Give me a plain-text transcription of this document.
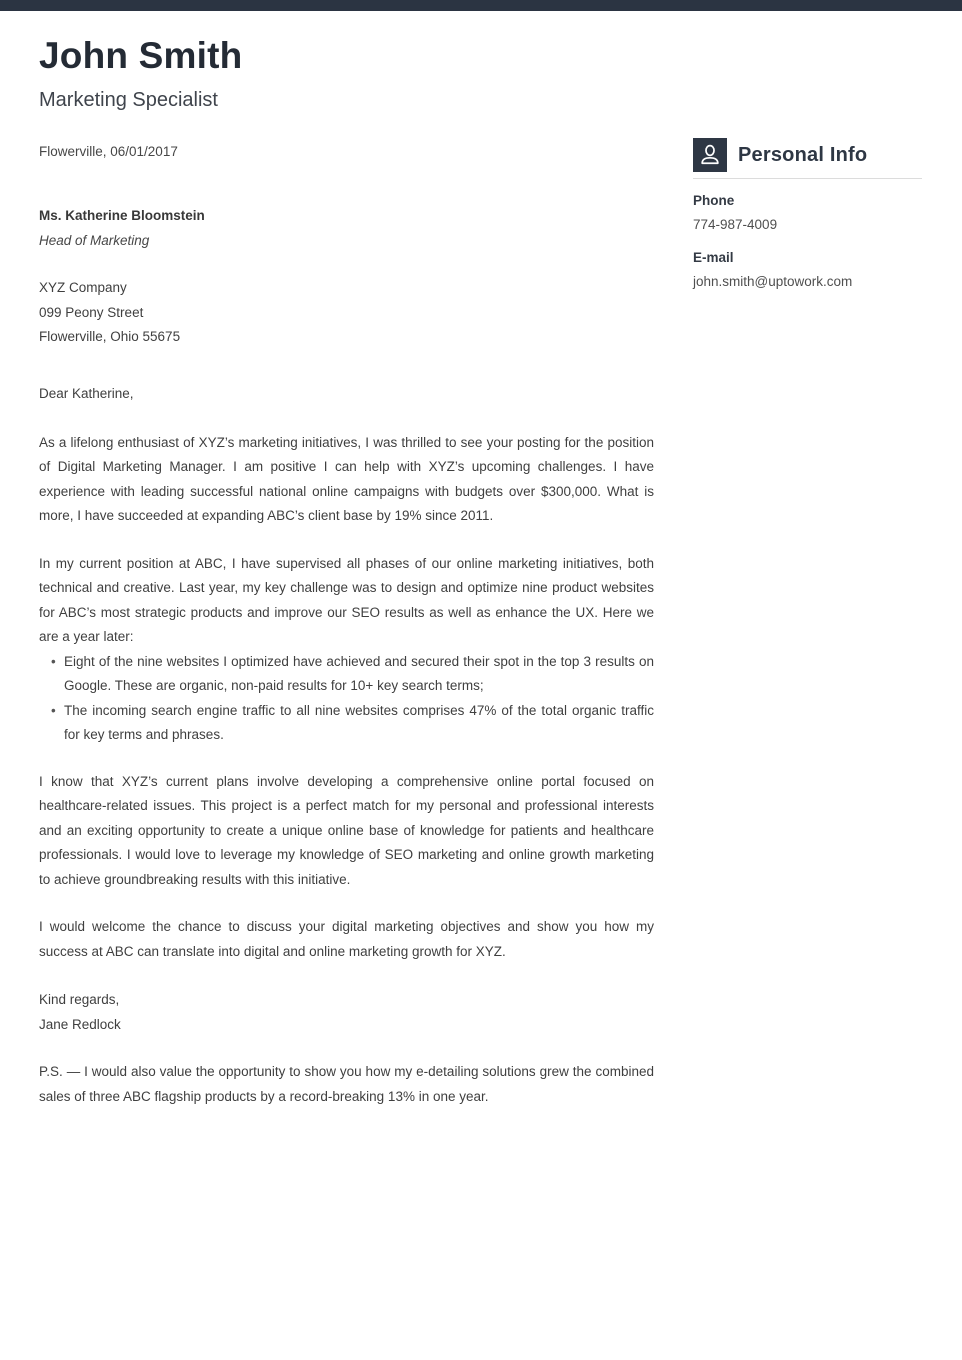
John Smith
Marketing Specialist
Flowerville, 06/01/2017
Ms. Katherine Bloomstein
Head of Marketing
XYZ Company
099 Peony Street
Flowerville, Ohio 55675
Dear Katherine,
As a lifelong enthusiast of XYZ’s marketing initiatives, I was thrilled to see your posting for the position of Digital Marketing Manager. I am positive I can help with XYZ’s upcoming challenges. I have experience with leading successful national online campaigns with budgets over $300,000. What is more, I have succeeded at expanding ABC’s client base by 19% since 2011.
In my current position at ABC, I have supervised all phases of our online marketing initiatives, both technical and creative. Last year, my key challenge was to design and optimize nine product websites for ABC’s most strategic products and improve our SEO results as well as enhance the UX. Here we are a year later:
• Eight of the nine websites I optimized have achieved and secured their spot in the top 3 results on Google. These are organic, non-paid results for 10+ key search terms;
• The incoming search engine traffic to all nine websites comprises 47% of the total organic traffic for key terms and phrases.
I know that XYZ’s current plans involve developing a comprehensive online portal focused on healthcare-related issues. This project is a perfect match for my personal and professional interests and an exciting opportunity to create a unique online base of knowledge for patients and healthcare professionals. I would love to leverage my knowledge of SEO marketing and online growth marketing to achieve groundbreaking results with this initiative.
I would welcome the chance to discuss your digital marketing objectives and show you how my success at ABC can translate into digital and online marketing growth for XYZ.
Kind regards,
Jane Redlock
P.S. — I would also value the opportunity to show you how my e-detailing solutions grew the combined sales of three ABC flagship products by a record-breaking 13% in one year.
Personal Info
Phone
774-987-4009
E-mail
john.smith@uptowork.com
